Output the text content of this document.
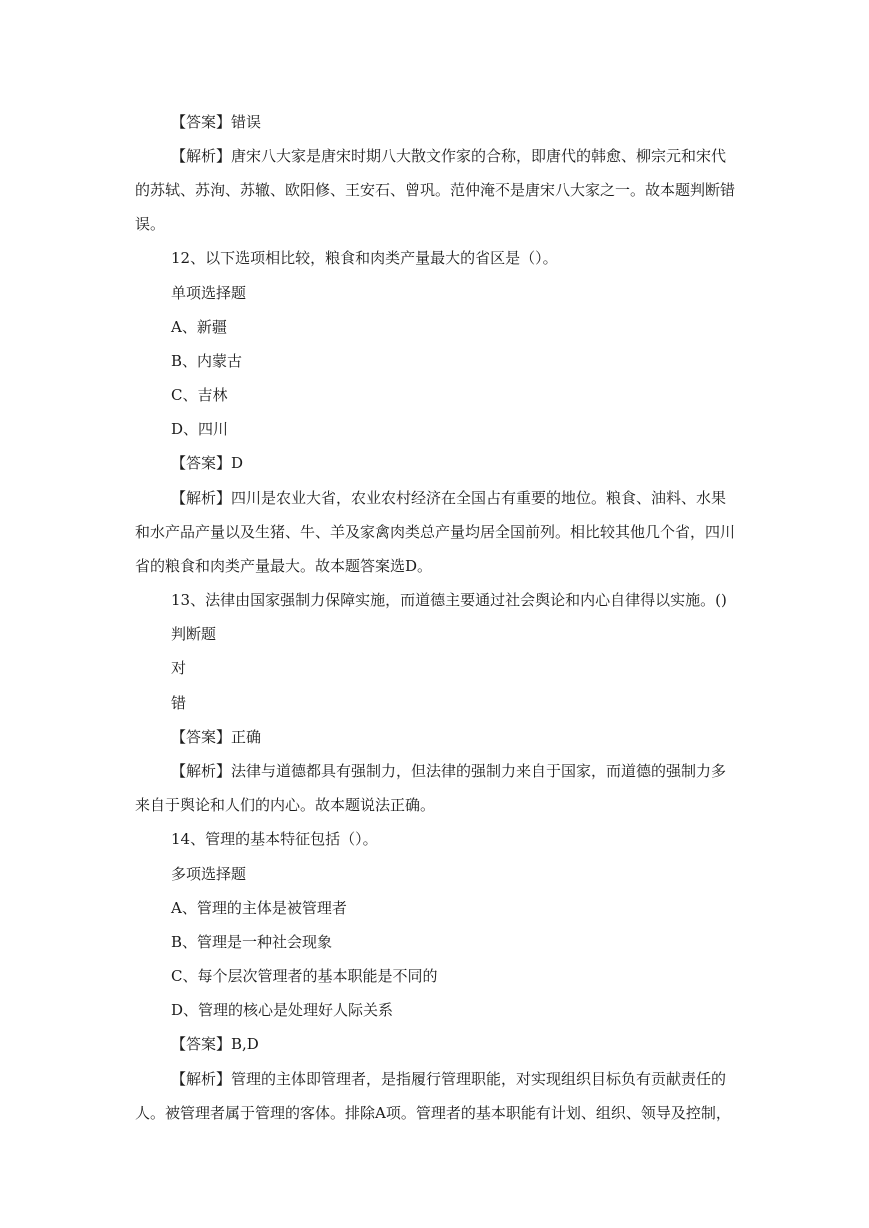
【答案】错误
【解析】唐宋八大家是唐宋时期八大散文作家的合称，即唐代的韩愈、柳宗元和宋代
的苏轼、苏洵、苏辙、欧阳修、王安石、曾巩。范仲淹不是唐宋八大家之一。故本题判断错
误。
12、以下选项相比较，粮食和肉类产量最大的省区是（）。
单项选择题
A、新疆
B、内蒙古
C、吉林
D、四川
【答案】D
【解析】四川是农业大省，农业农村经济在全国占有重要的地位。粮食、油料、水果
和水产品产量以及生猪、牛、羊及家禽肉类总产量均居全国前列。相比较其他几个省，四川
省的粮食和肉类产量最大。故本题答案选D。
13、法律由国家强制力保障实施，而道德主要通过社会舆论和内心自律得以实施。()
判断题
对
错
【答案】正确
【解析】法律与道德都具有强制力，但法律的强制力来自于国家，而道德的强制力多
来自于舆论和人们的内心。故本题说法正确。
14、管理的基本特征包括（）。
多项选择题
A、管理的主体是被管理者
B、管理是一种社会现象
C、每个层次管理者的基本职能是不同的
D、管理的核心是处理好人际关系
【答案】B,D
【解析】管理的主体即管理者，是指履行管理职能，对实现组织目标负有贡献责任的
人。被管理者属于管理的客体。排除A项。管理者的基本职能有计划、组织、领导及控制，
